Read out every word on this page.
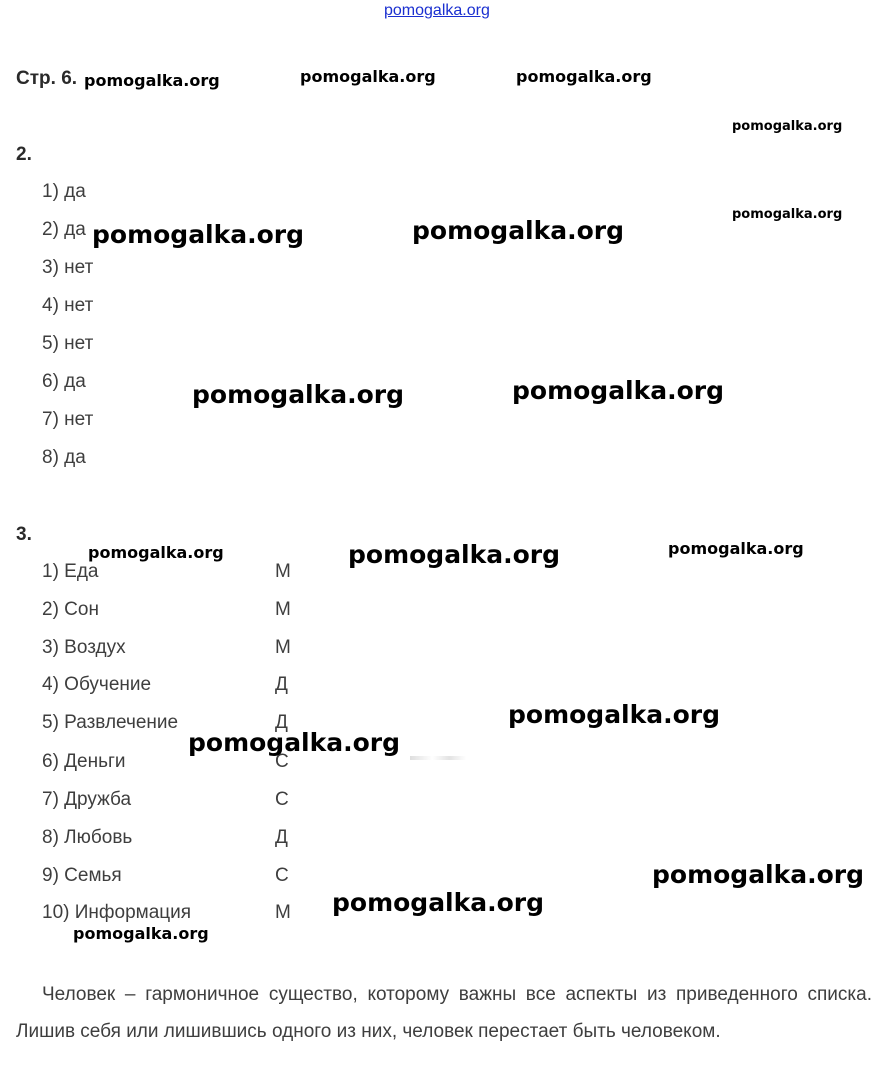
pomogalka.org
Стр. 6.
2.
1) да
2) да
3) нет
4) нет
5) нет
6) да
7) нет
8) да
3.
1) Еда	М
2) Сон	М
3) Воздух	М
4) Обучение	Д
5) Развлечение	Д
6) Деньги	С
7) Дружба	С
8) Любовь	Д
9) Семья	С
10) Информация	М
Человек – гармоничное существо, которому важны все аспекты из приведенного списка. Лишив себя или лишившись одного из них, человек перестает быть человеком.
pomogalka.org	pomogalka.org	pomogalka.org
pomogalka.org
pomogalka.org
pomogalka.org	pomogalka.org
pomogalka.org	pomogalka.org
pomogalka.org	pomogalka.org	pomogalka.org
pomogalka.org
pomogalka.org
pomogalka.org
pomogalka.org
pomogalka.org
